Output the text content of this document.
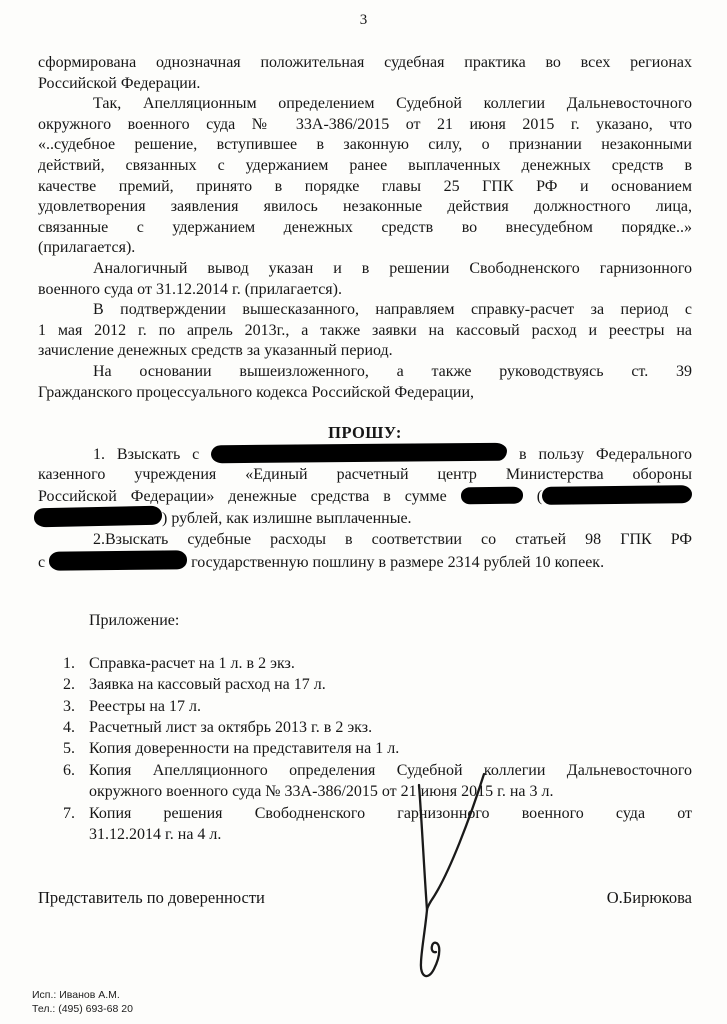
3
сформирована однозначная положительная судебная практика во всех регионах
Российской Федерации.
Так, Апелляционным определением Судебной коллегии Дальневосточного
окружного военного суда № 33А-386/2015 от 21 июня 2015 г. указано, что
«..судебное решение, вступившее в законную силу, о признании незаконными
действий, связанных с удержанием ранее выплаченных денежных средств в
качестве премий, принято в порядке главы 25 ГПК РФ и основанием
удовлетворения заявления явилось незаконные действия должностного лица,
связанные с удержанием денежных средств во внесудебном порядке..»
(прилагается).
Аналогичный вывод указан и в решении Свободненского гарнизонного
военного суда от 31.12.2014 г. (прилагается).
В подтверждении вышесказанного, направляем справку-расчет за период с
1 мая 2012 г. по апрель 2013г., а также заявки на кассовый расход и реестры на
зачисление денежных средств за указанный период.
На основании вышеизложенного, а также руководствуясь ст. 39
Гражданского процессуального кодекса Российской Федерации,
ПРОШУ:
1. Взыскать с	в пользу Федерального
казенного учреждения «Единый расчетный центр Министерства обороны
Российской Федерации» денежные средства в сумме	(
) рублей, как излишне выплаченные.
2.Взыскать судебные расходы в соответствии со статьей 98 ГПК РФ
с	государственную пошлину в размере 2314 рублей 10 копеек.
Приложение:
1. Справка-расчет на 1 л. в 2 экз.
2. Заявка на кассовый расход на 17 л.
3. Реестры на 17 л.
4. Расчетный лист за октябрь 2013 г. в 2 экз.
5. Копия доверенности на представителя на 1 л.
6. Копия Апелляционного определения Судебной коллегии Дальневосточного
окружного военного суда № 33А-386/2015 от 21 июня 2015 г. на 3 л.
7. Копия решения Свободненского гарнизонного военного суда от
31.12.2014 г. на 4 л.
Представитель по доверенности	О.Бирюкова
Исп.: Иванов А.М.
Тел.: (495) 693-68 20
